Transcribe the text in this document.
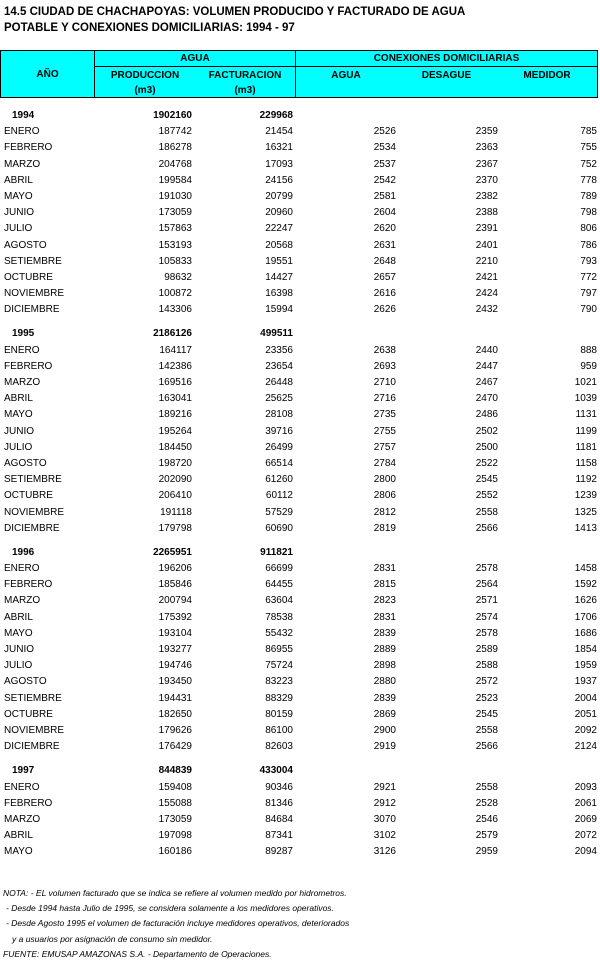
14.5 CIUDAD DE CHACHAPOYAS: VOLUMEN PRODUCIDO Y FACTURADO DE AGUA
POTABLE Y CONEXIONES DOMICILIARIAS: 1994 - 97
AÑO
AGUA	CONEXIONES DOMICILIARIAS
PRODUCCION
(m3)
FACTURACION
(m3)
AGUA	DESAGUE	MEDIDOR
1994	1902160	229968
ENERO	187742	21454	2526	2359	785
FEBRERO	186278	16321	2534	2363	755
MARZO	204768	17093	2537	2367	752
ABRIL	199584	24156	2542	2370	778
MAYO	191030	20799	2581	2382	789
JUNIO	173059	20960	2604	2388	798
JULIO	157863	22247	2620	2391	806
AGOSTO	153193	20568	2631	2401	786
SETIEMBRE	105833	19551	2648	2210	793
OCTUBRE	98632	14427	2657	2421	772
NOVIEMBRE	100872	16398	2616	2424	797
DICIEMBRE	143306	15994	2626	2432	790
1995	2186126	499511
ENERO	164117	23356	2638	2440	888
FEBRERO	142386	23654	2693	2447	959
MARZO	169516	26448	2710	2467	1021
ABRIL	163041	25625	2716	2470	1039
MAYO	189216	28108	2735	2486	1131
JUNIO	195264	39716	2755	2502	1199
JULIO	184450	26499	2757	2500	1181
AGOSTO	198720	66514	2784	2522	1158
SETIEMBRE	202090	61260	2800	2545	1192
OCTUBRE	206410	60112	2806	2552	1239
NOVIEMBRE	191118	57529	2812	2558	1325
DICIEMBRE	179798	60690	2819	2566	1413
1996	2265951	911821
ENERO	196206	66699	2831	2578	1458
FEBRERO	185846	64455	2815	2564	1592
MARZO	200794	63604	2823	2571	1626
ABRIL	175392	78538	2831	2574	1706
MAYO	193104	55432	2839	2578	1686
JUNIO	193277	86955	2889	2589	1854
JULIO	194746	75724	2898	2588	1959
AGOSTO	193450	83223	2880	2572	1937
SETIEMBRE	194431	88329	2839	2523	2004
OCTUBRE	182650	80159	2869	2545	2051
NOVIEMBRE	179626	86100	2900	2558	2092
DICIEMBRE	176429	82603	2919	2566	2124
1997	844839	433004
ENERO	159408	90346	2921	2558	2093
FEBRERO	155088	81346	2912	2528	2061
MARZO	173059	84684	3070	2546	2069
ABRIL	197098	87341	3102	2579	2072
MAYO	160186	89287	3126	2959	2094
NOTA: - EL volumen facturado que se indica se refiere al volumen medido por hidrometros.
- Desde 1994 hasta Julio de 1995, se considera solamente a los medidores operativos.
- Desde Agosto 1995 el volumen de facturación incluye medidores operativos, deteriorados
y a usuarios por asignación de consumo sin medidor.
FUENTE: EMUSAP AMAZONAS S.A. - Departamento de Operaciones.
